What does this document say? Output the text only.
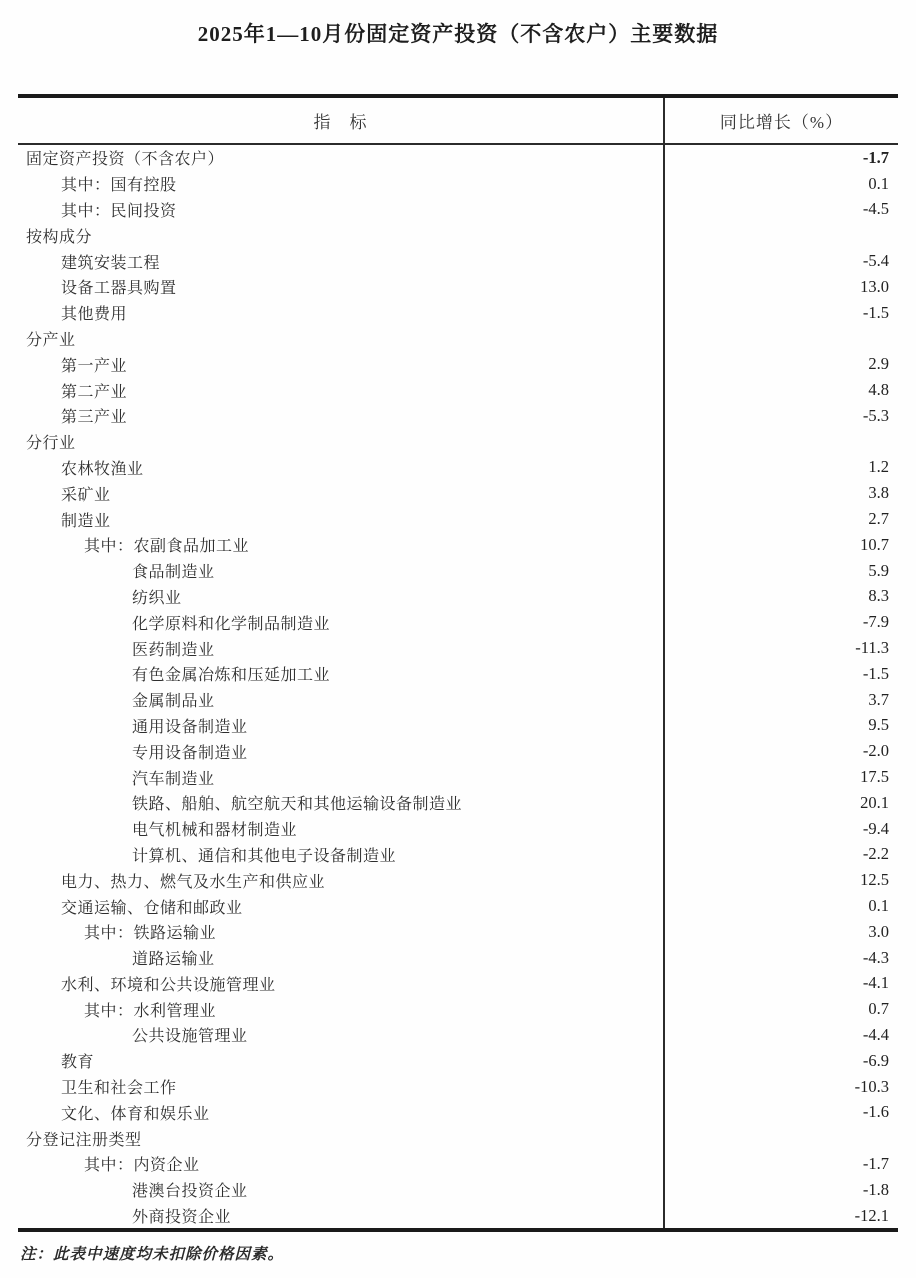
2025年1—10月份固定资产投资（不含农户）主要数据
指　标	同比增长（%）
固定资产投资（不含农户）	-1.7
其中：国有控股	0.1
其中：民间投资	-4.5
按构成分
建筑安装工程	-5.4
设备工器具购置	13.0
其他费用	-1.5
分产业
第一产业	2.9
第二产业	4.8
第三产业	-5.3
分行业
农林牧渔业	1.2
采矿业	3.8
制造业	2.7
其中：农副食品加工业	10.7
食品制造业	5.9
纺织业	8.3
化学原料和化学制品制造业	-7.9
医药制造业	-11.3
有色金属冶炼和压延加工业	-1.5
金属制品业	3.7
通用设备制造业	9.5
专用设备制造业	-2.0
汽车制造业	17.5
铁路、船舶、航空航天和其他运输设备制造业	20.1
电气机械和器材制造业	-9.4
计算机、通信和其他电子设备制造业	-2.2
电力、热力、燃气及水生产和供应业	12.5
交通运输、仓储和邮政业	0.1
其中：铁路运输业	3.0
道路运输业	-4.3
水利、环境和公共设施管理业	-4.1
其中：水利管理业	0.7
公共设施管理业	-4.4
教育	-6.9
卫生和社会工作	-10.3
文化、体育和娱乐业	-1.6
分登记注册类型
其中：内资企业	-1.7
港澳台投资企业	-1.8
外商投资企业	-12.1
注：此表中速度均未扣除价格因素。
